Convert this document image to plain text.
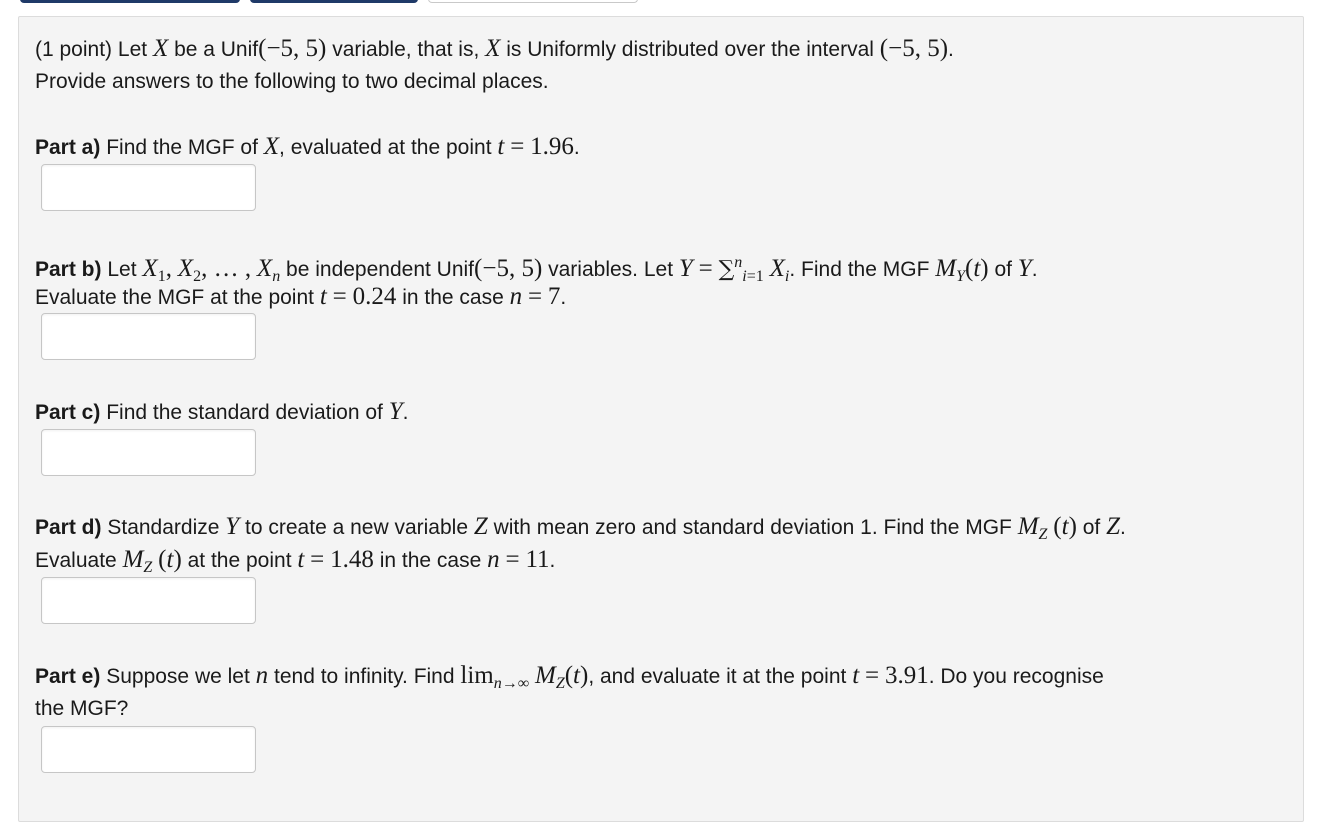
(1 point) Let X be a Unif(−5, 5) variable, that is, X is Uniformly distributed over the interval (−5, 5).

Provide answers to the following to two decimal places.

Part a) Find the MGF of X, evaluated at the point t = 1.96.

Part b) Let $X_1$, $X_2$, … , $X_n$ be independent Unif(−5, 5) variables. Let Y = ∑$^n_{i=1}$ $X_i$. Find the MGF $M_Y(t)$ of Y.

Evaluate the MGF at the point t = 0.24 in the case n = 7.

Part c) Find the standard deviation of Y.

Part d) Standardize Y to create a new variable Z with mean zero and standard deviation 1. Find the MGF $M_Z$ (t) of Z.

Evaluate $M_Z$ (t) at the point t = 1.48 in the case n = 11.

Part e) Suppose we let n tend to infinity. Find $\lim_{n\to\infty} M_Z(t)$, and evaluate it at the point t = 3.91. Do you recognise

the MGF?
